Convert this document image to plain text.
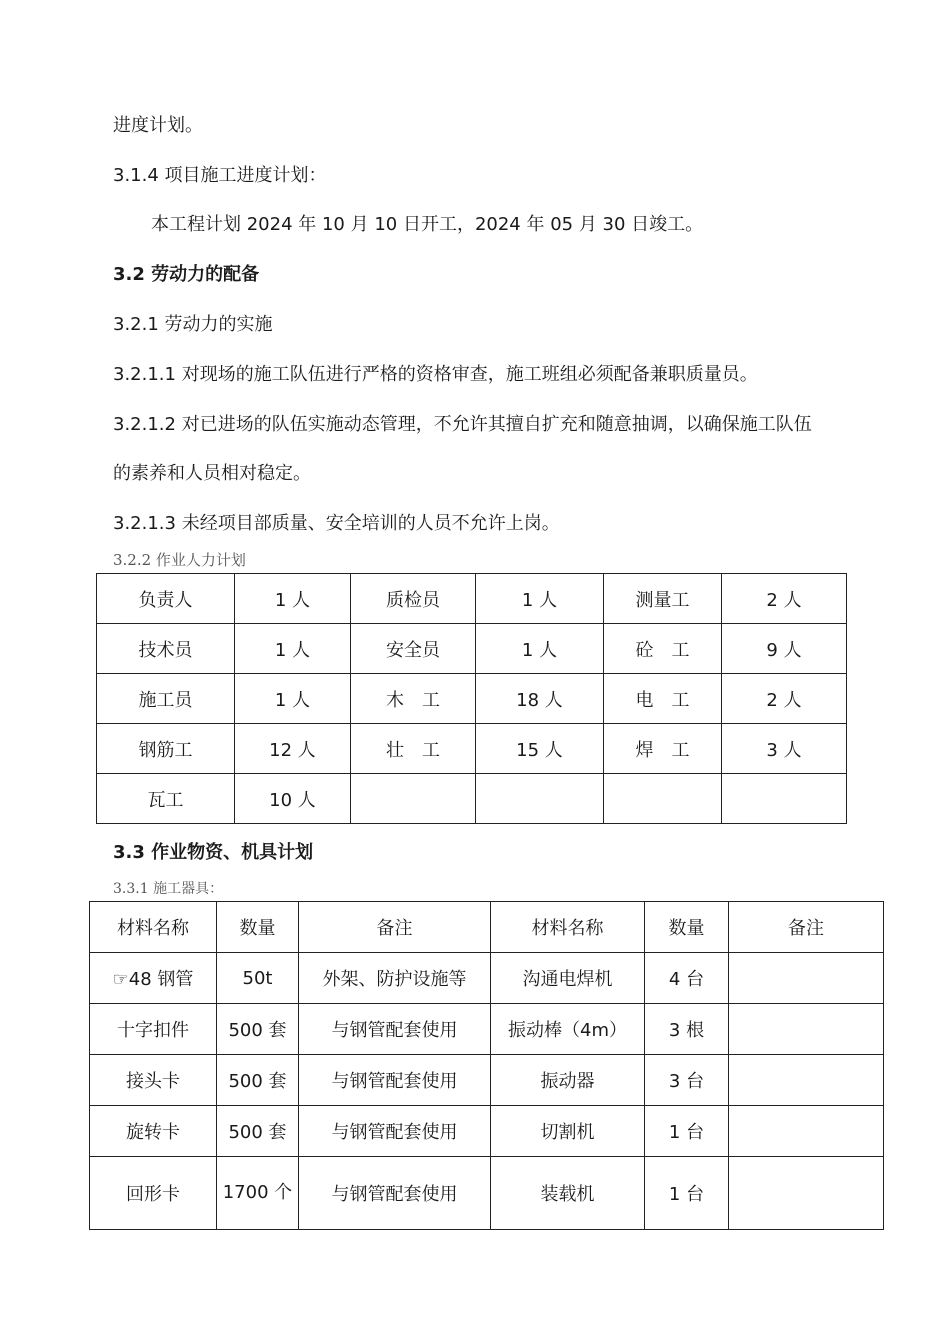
进度计划。
3.1.4 项目施工进度计划：
本工程计划 2024 年 10 月 10 日开工，2024 年 05 月 30 日竣工。
3.2 劳动力的配备
3.2.1 劳动力的实施
3.2.1.1 对现场的施工队伍进行严格的资格审查，施工班组必须配备兼职质量员。
3.2.1.2 对已进场的队伍实施动态管理，不允许其擅自扩充和随意抽调，以确保施工队伍
的素养和人员相对稳定。
3.2.1.3 未经项目部质量、安全培训的人员不允许上岗。
3.2.2 作业人力计划
负责人	1 人	质检员	1 人	测量工	2 人
技术员	1 人	安全员	1 人	砼　工	9 人
施工员	1 人	木　工	18 人	电　工	2 人
钢筋工	12 人	壮　工	15 人	焊　工	3 人
瓦工	10 人				
3.3 作业物资、机具计划
3.3.1 施工器具：
材料名称	数量	备注	材料名称	数量	备注
☞48 钢管	50t	外架、防护设施等	沟通电焊机	4 台	
十字扣件	500 套	与钢管配套使用	振动棒（4m）	3 根	
接头卡	500 套	与钢管配套使用	振动器	3 台	
旋转卡	500 套	与钢管配套使用	切割机	1 台	
回形卡	1700 个	与钢管配套使用	装载机	1 台	
